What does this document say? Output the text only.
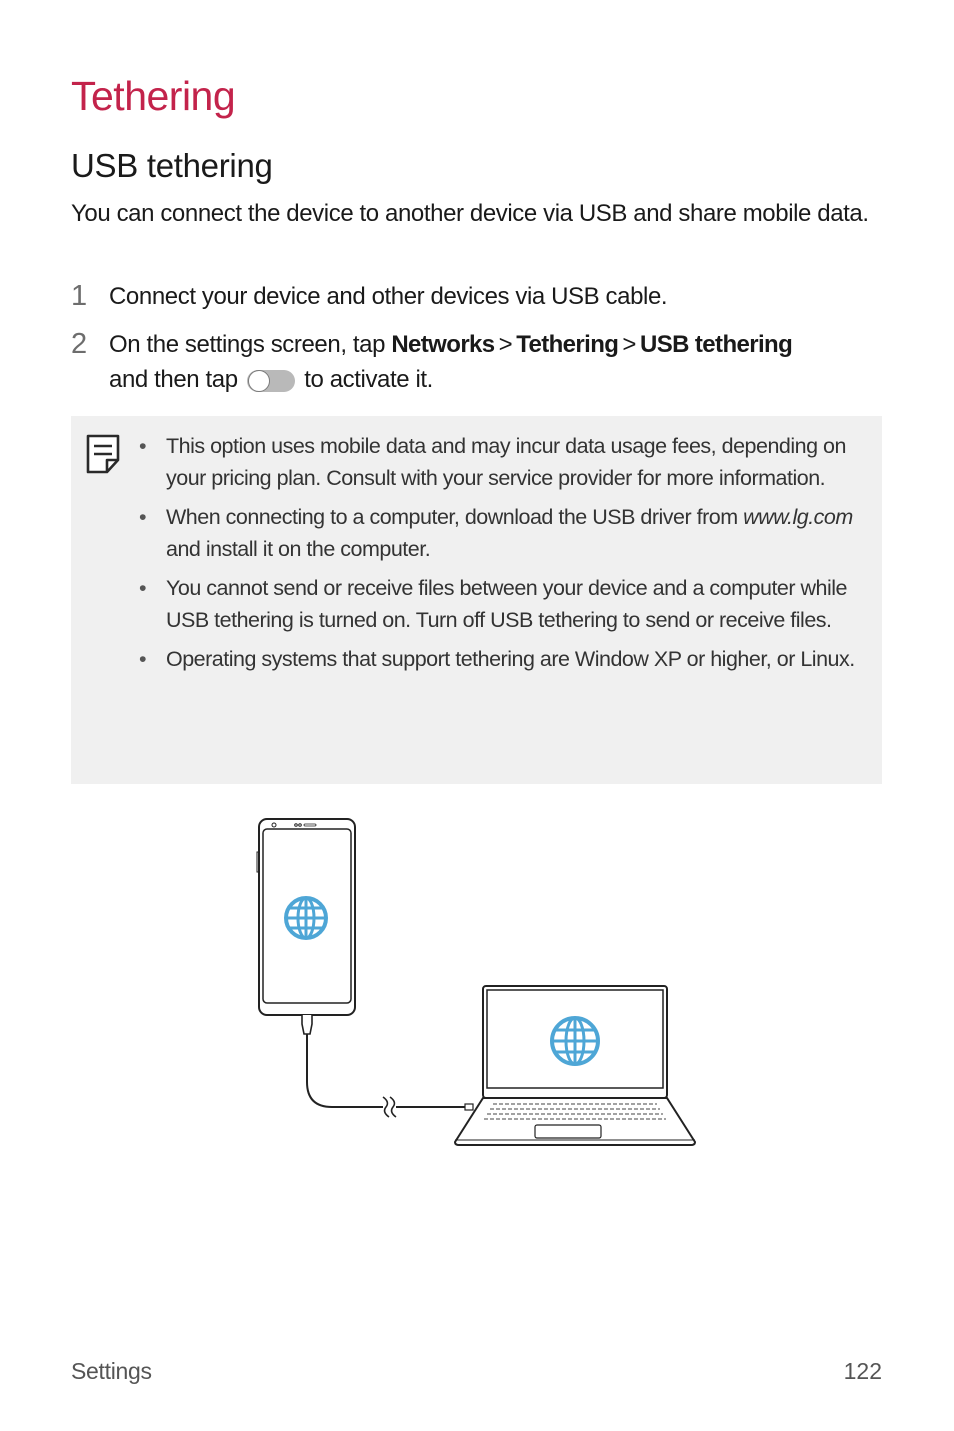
Tethering
USB tethering

You can connect the device to another device via USB and share mobile data.

1 Connect your device and other devices via USB cable.
2 On the settings screen, tap Networks > Tethering > USB tethering
and then tap	to activate it.
• This option uses mobile data and may incur data usage fees, depending on your pricing plan. Consult with your service provider for more information.
• When connecting to a computer, download the USB driver from www.lg.com and install it on the computer.
• You cannot send or receive files between your device and a computer while USB tethering is turned on. Turn off USB tethering to send or receive files.
• Operating systems that support tethering are Window XP or higher, or Linux.
Settings	122
